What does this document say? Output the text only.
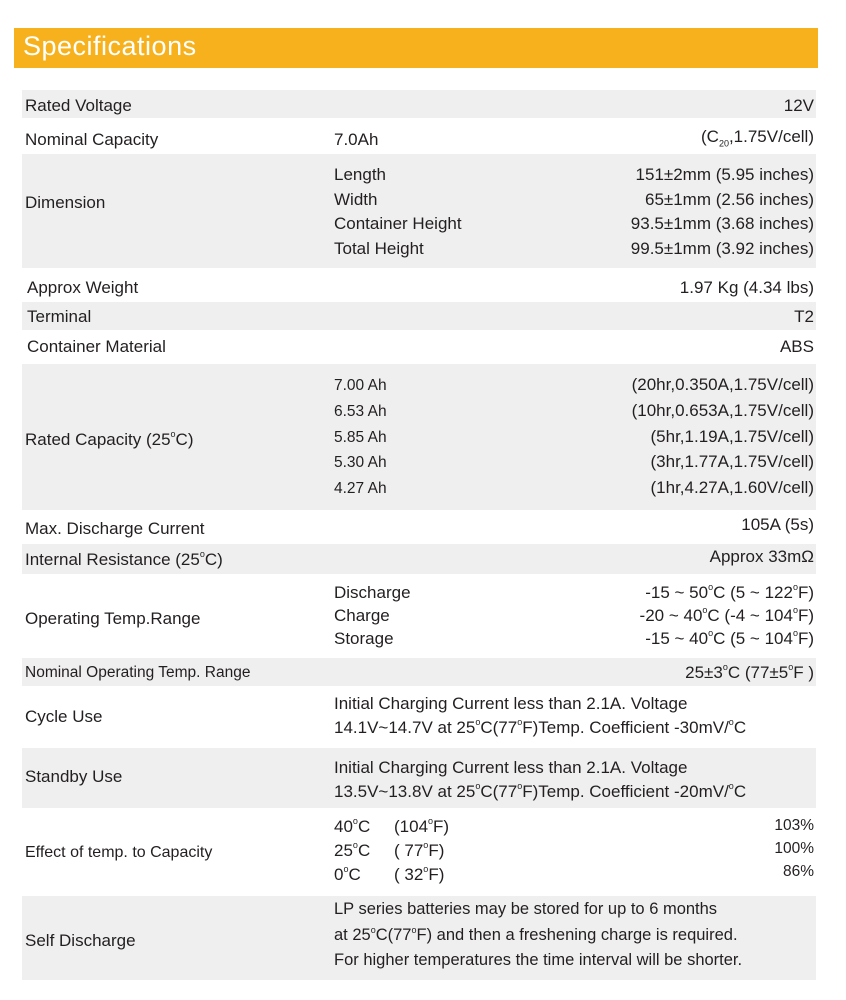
Specifications
Rated Voltage	12V
Nominal Capacity	7.0Ah	$(C_{20},1.75V/cell)$
Dimension
Length	151±2mm (5.95 inches)
Width	65±1mm (2.56 inches)
Container Height	93.5±1mm (3.68 inches)
Total Height	99.5±1mm (3.92 inches)
Approx Weight	1.97 Kg (4.34 lbs)
Terminal	T2
Container Material	ABS
Rated Capacity (25$^o$C)
7.00 Ah	(20hr,0.350A,1.75V/cell)
6.53 Ah	(10hr,0.653A,1.75V/cell)
5.85 Ah	(5hr,1.19A,1.75V/cell)
5.30 Ah	(3hr,1.77A,1.75V/cell)
4.27 Ah	(1hr,4.27A,1.60V/cell)
Max. Discharge Current	105A (5s)
Internal Resistance (25$^o$C)	Approx 33mΩ
Operating Temp.Range
Discharge	-15 ~ 50$^o$C (5 ~ 122$^o$F)
Charge	-20 ~ 40$^o$C (-4 ~ 104$^o$F)
Storage	-15 ~ 40$^o$C (5 ~ 104$^o$F)
Nominal Operating Temp. Range	$25\pm 3^oC$ ($77\pm 5^oF$ )
Cycle Use
Initial Charging Current less than 2.1A. Voltage
14.1V~14.7V at 25$^o$C(77$^o$F)Temp. Coefficient -30mV/$^o$C
Standby Use	Initial Charging Current less than 2.1A. Voltage
13.5V~13.8V at 25$^o$C(77$^o$F)Temp. Coefficient -20mV/$^o$C
Effect of temp. to Capacity
40$^o$C (104$^o$F)	103%
25$^o$C ( 77$^o$F)	100%
0$^o$C ( 32$^o$F)	86%
Self Discharge
LP series batteries may be stored for up to 6 months
at 25$^o$C(77$^o$F) and then a freshening charge is required.
For higher temperatures the time interval will be shorter.
